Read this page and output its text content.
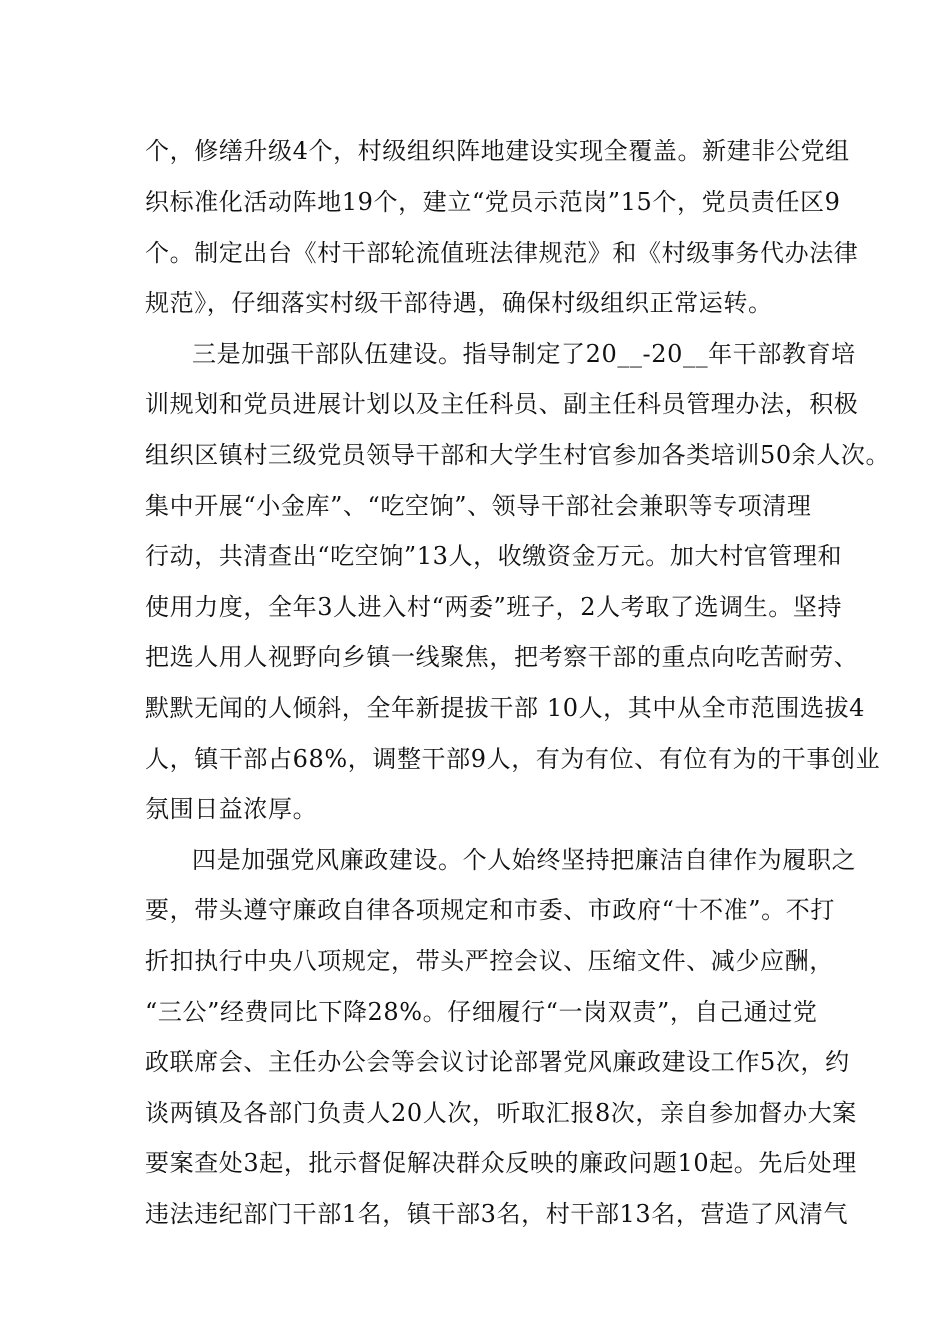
个，修缮升级4个，村级组织阵地建设实现全覆盖。新建非公党组
织标准化活动阵地19个，建立“党员示范岗”15个，党员责任区9
个。制定出台《村干部轮流值班法律规范》和《村级事务代办法律
规范》，仔细落实村级干部待遇，确保村级组织正常运转。
三是加强干部队伍建设。指导制定了20__-20__年干部教育培
训规划和党员进展计划以及主任科员、副主任科员管理办法，积极
组织区镇村三级党员领导干部和大学生村官参加各类培训50余人次。
集中开展“小金库”、“吃空饷”、领导干部社会兼职等专项清理
行动，共清查出“吃空饷”13人，收缴资金万元。加大村官管理和
使用力度，全年3人进入村“两委”班子，2人考取了选调生。坚持
把选人用人视野向乡镇一线聚焦，把考察干部的重点向吃苦耐劳、
默默无闻的人倾斜，全年新提拔干部 10人，其中从全市范围选拔4
人，镇干部占68%，调整干部9人，有为有位、有位有为的干事创业
氛围日益浓厚。
四是加强党风廉政建设。个人始终坚持把廉洁自律作为履职之
要，带头遵守廉政自律各项规定和市委、市政府“十不准”。不打
折扣执行中央八项规定，带头严控会议、压缩文件、减少应酬，
“三公”经费同比下降28%。仔细履行“一岗双责”，自己通过党
政联席会、主任办公会等会议讨论部署党风廉政建设工作5次，约
谈两镇及各部门负责人20人次，听取汇报8次，亲自参加督办大案
要案查处3起，批示督促解决群众反映的廉政问题10起。先后处理
违法违纪部门干部1名，镇干部3名，村干部13名，营造了风清气
